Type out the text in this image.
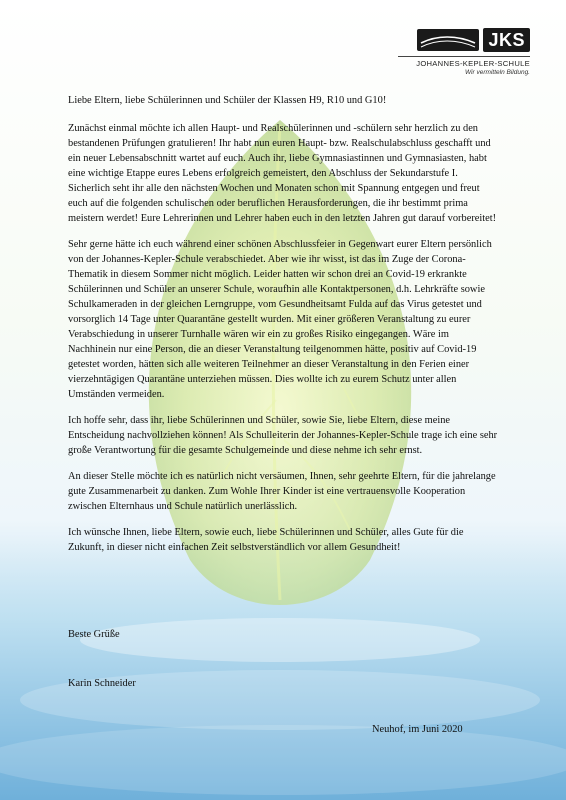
JKS
JOHANNES-KEPLER-SCHULE
Wir vermitteln Bildung.

Liebe Eltern, liebe Schülerinnen und Schüler der Klassen H9, R10 und G10!

Zunächst einmal möchte ich allen Haupt- und Realschülerinnen und -schülern sehr herzlich zu den bestandenen Prüfungen gratulieren! Ihr habt nun euren Haupt- bzw. Realschulabschluss geschafft und ein neuer Lebensabschnitt wartet auf euch. Auch ihr, liebe Gymnasiastinnen und Gymnasiasten, habt eine wichtige Etappe eures Lebens erfolgreich gemeistert, den Abschluss der Sekundarstufe I. Sicherlich seht ihr alle den nächsten Wochen und Monaten schon mit Spannung entgegen und freut euch auf die folgenden schulischen oder beruflichen Herausforderungen, die ihr bestimmt prima meistern werdet! Eure Lehrerinnen und Lehrer haben euch in den letzten Jahren gut darauf vorbereitet!

Sehr gerne hätte ich euch während einer schönen Abschlussfeier in Gegenwart eurer Eltern persönlich von der Johannes-Kepler-Schule verabschiedet. Aber wie ihr wisst, ist das im Zuge der Corona-Thematik in diesem Sommer nicht möglich. Leider hatten wir schon drei an Covid-19 erkrankte Schülerinnen und Schüler an unserer Schule, woraufhin alle Kontaktpersonen, d.h. Lehrkräfte sowie Schulkameraden in der gleichen Lerngruppe, vom Gesundheitsamt Fulda auf das Virus getestet und vorsorglich 14 Tage unter Quarantäne gestellt wurden. Mit einer größeren Veranstaltung zu eurer Verabschiedung in unserer Turnhalle wären wir ein zu großes Risiko eingegangen. Wäre im Nachhinein nur eine Person, die an dieser Veranstaltung teilgenommen hätte, positiv auf Covid-19 getestet worden, hätten sich alle weiteren Teilnehmer an dieser Veranstaltung in den Ferien einer vierzehntägigen Quarantäne unterziehen müssen. Dies wollte ich zu eurem Schutz unter allen Umständen vermeiden.

Ich hoffe sehr, dass ihr, liebe Schülerinnen und Schüler, sowie Sie, liebe Eltern, diese meine Entscheidung nachvollziehen können! Als Schulleiterin der Johannes-Kepler-Schule trage ich eine sehr große Verantwortung für die gesamte Schulgemeinde und diese nehme ich sehr ernst.

An dieser Stelle möchte ich es natürlich nicht versäumen, Ihnen, sehr geehrte Eltern, für die jahrelange gute Zusammenarbeit zu danken. Zum Wohle Ihrer Kinder ist eine vertrauensvolle Kooperation zwischen Elternhaus und Schule natürlich unerlässlich.

Ich wünsche Ihnen, liebe Eltern, sowie euch, liebe Schülerinnen und Schüler, alles Gute für die Zukunft, in dieser nicht einfachen Zeit selbstverständlich vor allem Gesundheit!

Beste Grüße
Karin Schneider
Neuhof, im Juni 2020
